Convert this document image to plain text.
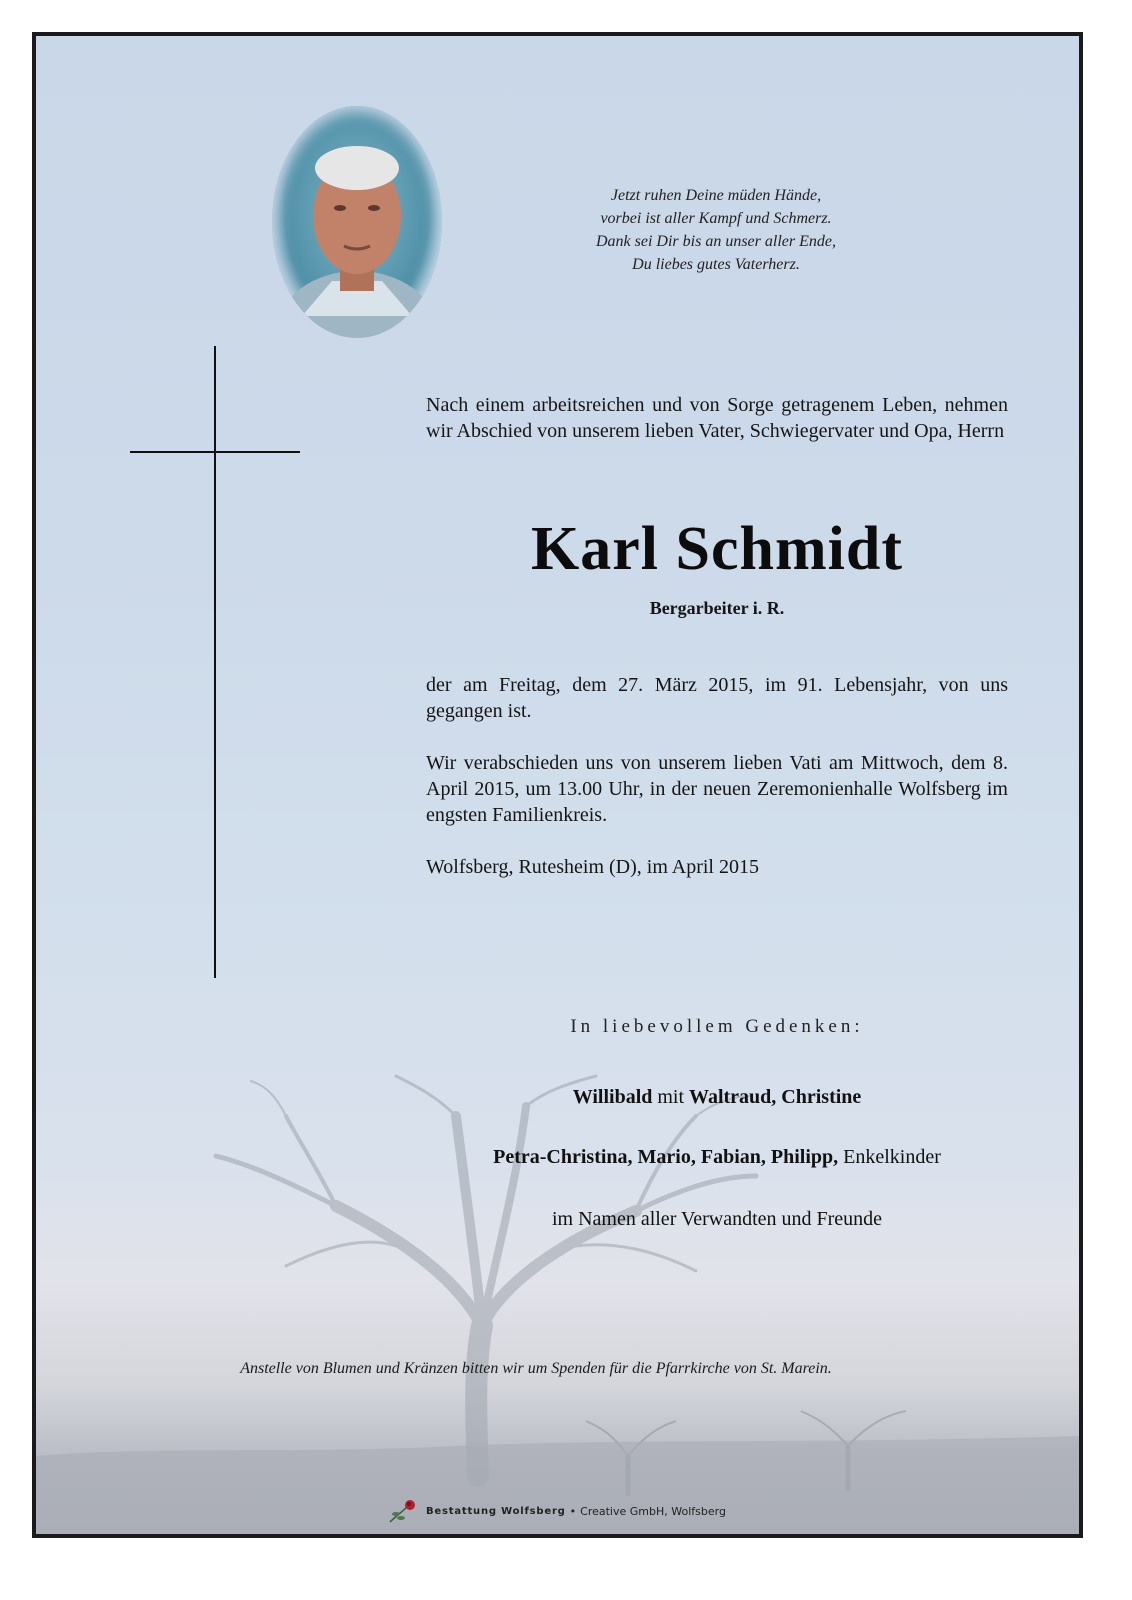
Jetzt ruhen Deine müden Hände,
vorbei ist aller Kampf und Schmerz.
Dank sei Dir bis an unser aller Ende,
Du liebes gutes Vaterherz.
Nach einem arbeitsreichen und von Sorge getragenem Leben, nehmen wir Abschied von unserem lieben Vater, Schwiegervater und Opa, Herrn
Karl Schmidt
Bergarbeiter i. R.
der am Freitag, dem 27. März 2015, im 91. Lebensjahr, von uns gegangen ist.
Wir verabschieden uns von unserem lieben Vati am Mittwoch, dem 8. April 2015, um 13.00 Uhr, in der neuen Zeremonienhalle Wolfsberg im engsten Familienkreis.
Wolfsberg, Rutesheim (D), im April 2015
In liebevollem Gedenken:
Willibald mit Waltraud, Christine
Petra-Christina, Mario, Fabian, Philipp, Enkelkinder
im Namen aller Verwandten und Freunde
Anstelle von Blumen und Kränzen bitten wir um Spenden für die Pfarrkirche von St. Marein.
Bestattung Wolfsberg • Creative GmbH, Wolfsberg
